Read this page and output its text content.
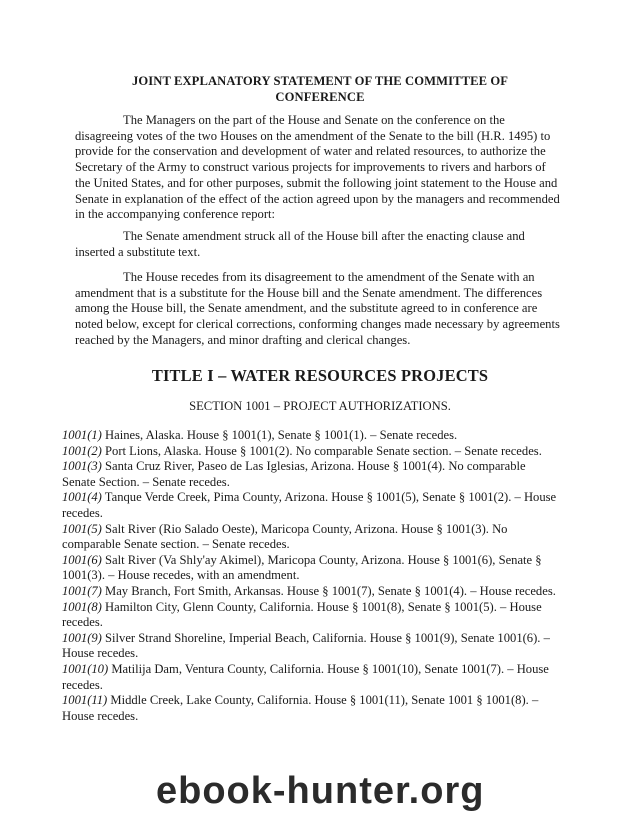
JOINT EXPLANATORY STATEMENT OF THE COMMITTEE OF CONFERENCE

The Managers on the part of the House and Senate on the conference on the disagreeing votes of the two Houses on the amendment of the Senate to the bill (H.R. 1495) to provide for the conservation and development of water and related resources, to authorize the Secretary of the Army to construct various projects for improvements to rivers and harbors of the United States, and for other purposes, submit the following joint statement to the House and Senate in explanation of the effect of the action agreed upon by the managers and recommended in the accompanying conference report:

The Senate amendment struck all of the House bill after the enacting clause and inserted a substitute text.

The House recedes from its disagreement to the amendment of the Senate with an amendment that is a substitute for the House bill and the Senate amendment. The differences among the House bill, the Senate amendment, and the substitute agreed to in conference are noted below, except for clerical corrections, conforming changes made necessary by agreements reached by the Managers, and minor drafting and clerical changes.

TITLE I – WATER RESOURCES PROJECTS
SECTION 1001 – PROJECT AUTHORIZATIONS.
1001(1) Haines, Alaska. House § 1001(1), Senate § 1001(1). – Senate recedes.
1001(2) Port Lions, Alaska. House § 1001(2). No comparable Senate section. – Senate recedes.
1001(3) Santa Cruz River, Paseo de Las Iglesias, Arizona. House § 1001(4). No comparable Senate Section. – Senate recedes.
1001(4) Tanque Verde Creek, Pima County, Arizona. House § 1001(5), Senate § 1001(2). – House recedes.
1001(5) Salt River (Rio Salado Oeste), Maricopa County, Arizona. House § 1001(3). No comparable Senate section. – Senate recedes.
1001(6) Salt River (Va Shly'ay Akimel), Maricopa County, Arizona. House § 1001(6), Senate § 1001(3). – House recedes, with an amendment.
1001(7) May Branch, Fort Smith, Arkansas. House § 1001(7), Senate § 1001(4). – House recedes.
1001(8) Hamilton City, Glenn County, California. House § 1001(8), Senate § 1001(5). – House recedes.
1001(9) Silver Strand Shoreline, Imperial Beach, California. House § 1001(9), Senate 1001(6). – House recedes.
1001(10) Matilija Dam, Ventura County, California. House § 1001(10), Senate 1001(7). – House recedes.
1001(11) Middle Creek, Lake County, California. House § 1001(11), Senate 1001 § 1001(8). – House recedes.
ebook-hunter.org
